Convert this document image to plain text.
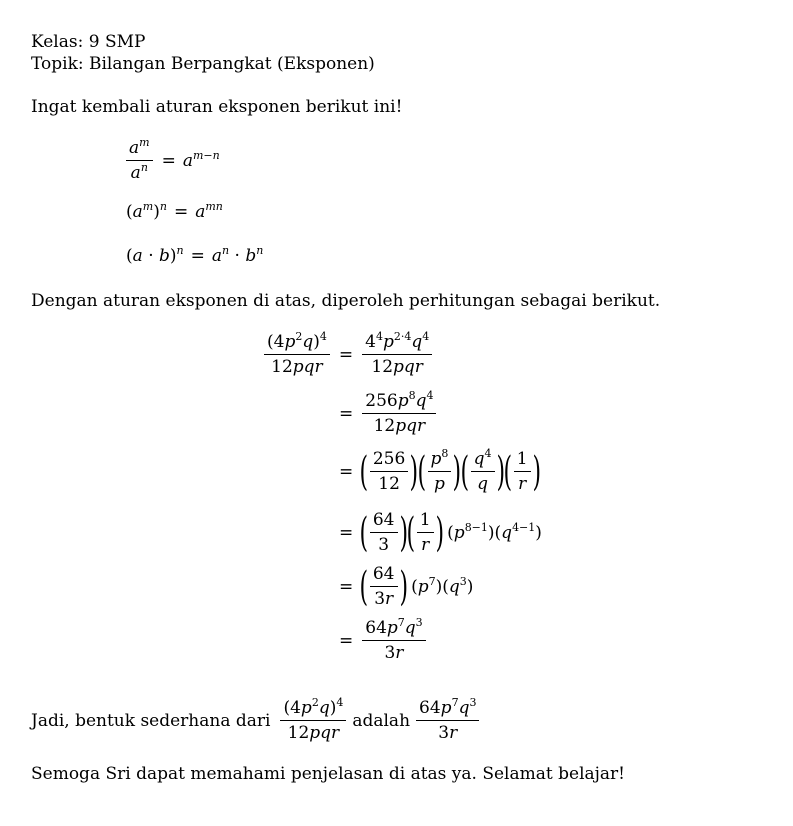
Kelas: 9 SMP
Topik: Bilangan Berpangkat (Eksponen)
Ingat kembali aturan eksponen berikut ini!
$\frac{a^m}{a^n} = a^{m-n}$
$(a^m)^n = a^{mn}$
$(a \cdot b)^n = a^n \cdot b^n$
Dengan aturan eksponen di atas, diperoleh perhitungan sebagai berikut.
$\frac{(4p^2q)^4}{\text{12pqr}} = \frac{4^4p^{2\cdot 4}q^4}{\text{12pqr}}$
= $\frac{256p^8q^4}{\text{12pqr}}$
= ( $\frac{256}{12}$ ) ( $\frac{p^8}{p}$ ) ( $\frac{q^4}{q}$ ) ( $\frac{1}{r}$ )
= ( $\frac{64}{3}$ ) ( $\frac{1}{r}$ ) $(p^{8-1})(q^{4-1})$
= ( $\frac{64}{3r}$ ) $(p^7)(q^3)$
= $\frac{64p^7q^3}{3r}$
Jadi, bentuk sederhana dari $\frac{(4p^2q)^4}{\text{12pqr}}$ adalah $\frac{64p^7q^3}{3r}$
Semoga Sri dapat memahami penjelasan di atas ya. Selamat belajar!
